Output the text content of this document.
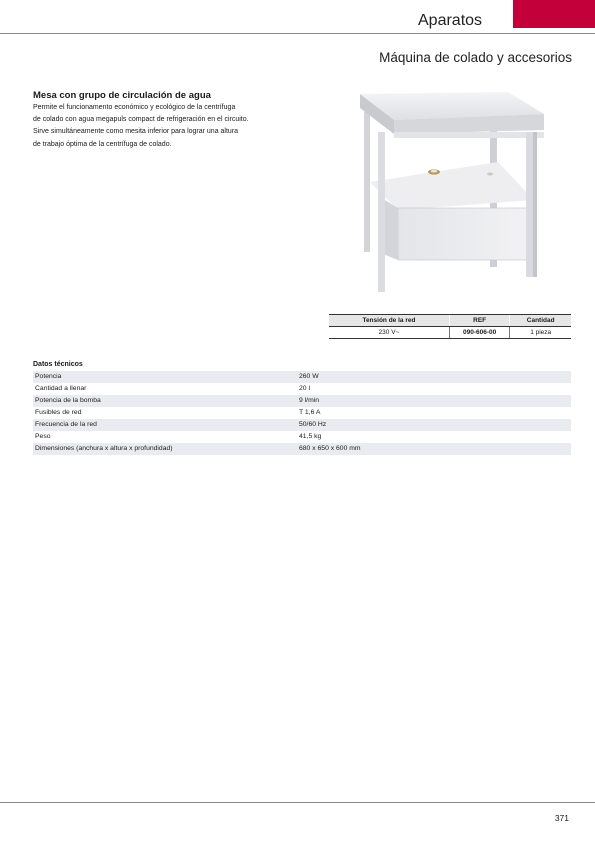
Aparatos
Máquina de colado y accesorios
Mesa con grupo de circulación de agua

Permite el funcionamento económico y ecológico de la centrífuga
de colado con agua megapuls compact de refrigeración en el circuito.
Sirve simultáneamente como mesita inferior para lograr una altura
de trabajo óptima de la centrífuga de colado.

Tensión de la red	REF	Cantidad
230 V~	090-606-00	1 pieza
Datos técnicos
Potencia	260 W
Cantidad a llenar	20 l
Potencia de la bomba	9 l/min
Fusibles de red	T 1,6 A
Frecuencia de la red	50/60 Hz
Peso	41,5 kg
Dimensiones (anchura x altura x profundidad)	680 x 650 x 600 mm
371
